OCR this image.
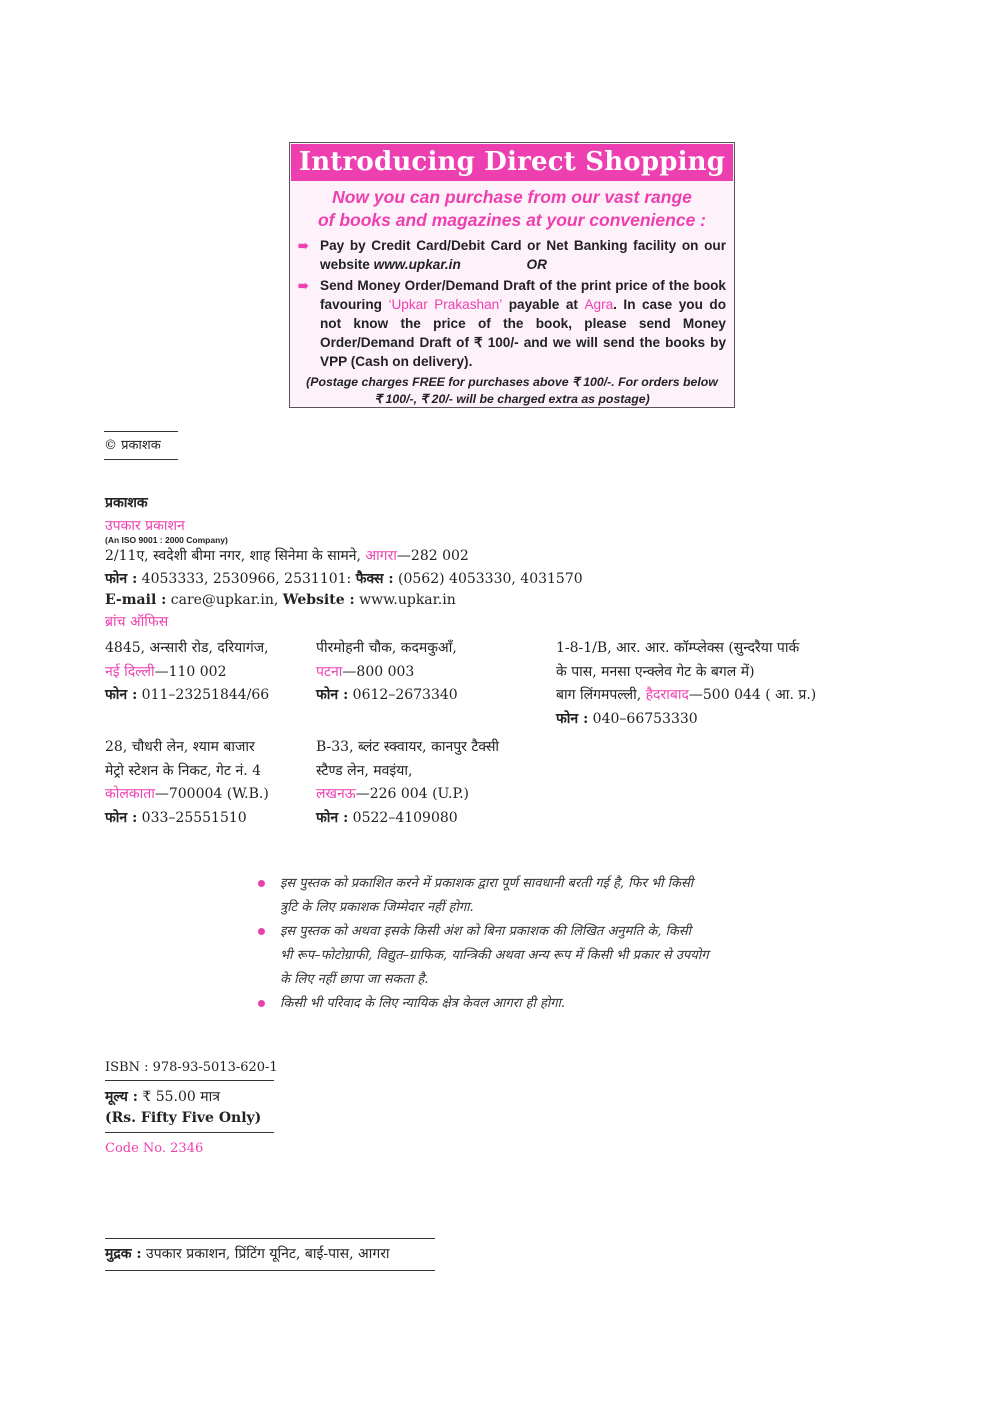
Introducing Direct Shopping
Now you can purchase from our vast range
of books and magazines at your convenience :
➠ Pay by Credit Card/Debit Card or Net Banking facility on our website www.upkar.in	OR
➠ Send Money Order/Demand Draft of the print price of the book favouring ‘Upkar Prakashan’ payable at Agra. In case you do not know the price of the book, please send Money Order/Demand Draft of ₹ 100/- and we will send the books by VPP (Cash on delivery).
(Postage charges FREE for purchases above ₹ 100/-. For orders below
₹ 100/-, ₹ 20/- will be charged extra as postage)
© प्रकाशक
प्रकाशक
उपकार प्रकाशन
(An ISO 9001 : 2000 Company)
2/11ए, स्वदेशी बीमा नगर, शाह सिनेमा के सामने, आगरा—282 002
फोन : 4053333, 2530966, 2531101: फैक्स : (0562) 4053330, 4031570
E-mail : care@upkar.in, Website : www.upkar.in
ब्रांच ऑफिस
4845, अन्सारी रोड, दरियागंज,
नई दिल्ली—110 002
फोन : 011–23251844/66
पीरमोहनी चौक, कदमकुआँ,
पटना—800 003
फोन : 0612–2673340
1-8-1/B, आर. आर. कॉम्प्लेक्स (सुन्दरैया पार्क
के पास, मनसा एन्क्लेव गेट के बगल में)
बाग लिंगमपल्ली, हैदराबाद—500 044 ( आ. प्र.)
फोन : 040–66753330
28, चौधरी लेन, श्याम बाजार
मेट्रो स्टेशन के निकट, गेट नं. 4
कोलकाता—700004 (W.B.)
फोन : 033–25551510
B-33, ब्लंट स्क्वायर, कानपुर टैक्सी
स्टैण्ड लेन, मवइंया,
लखनऊ—226 004 (U.P.)
फोन : 0522–4109080
इस पुस्तक को प्रकाशित करने में प्रकाशक द्वारा पूर्ण सावधानी बरती गई है, फिर भी किसी
त्रुटि के लिए प्रकाशक जिम्मेदार नहीं होगा.
इस पुस्तक को अथवा इसके किसी अंश को बिना प्रकाशक की लिखित अनुमति के, किसी
भी रूप–फोटोग्राफी, विद्युत–ग्राफिक, यान्त्रिकी अथवा अन्य रूप में किसी भी प्रकार से उपयोग
के लिए नहीं छापा जा सकता है.
किसी भी परिवाद के लिए न्यायिक क्षेत्र केवल आगरा ही होगा.
ISBN : 978-93-5013-620-1
मूल्य : ₹ 55.00 मात्र
(Rs. Fifty Five Only)
Code No. 2346
मुद्रक : उपकार प्रकाशन, प्रिंटिंग यूनिट, बाई-पास, आगरा
